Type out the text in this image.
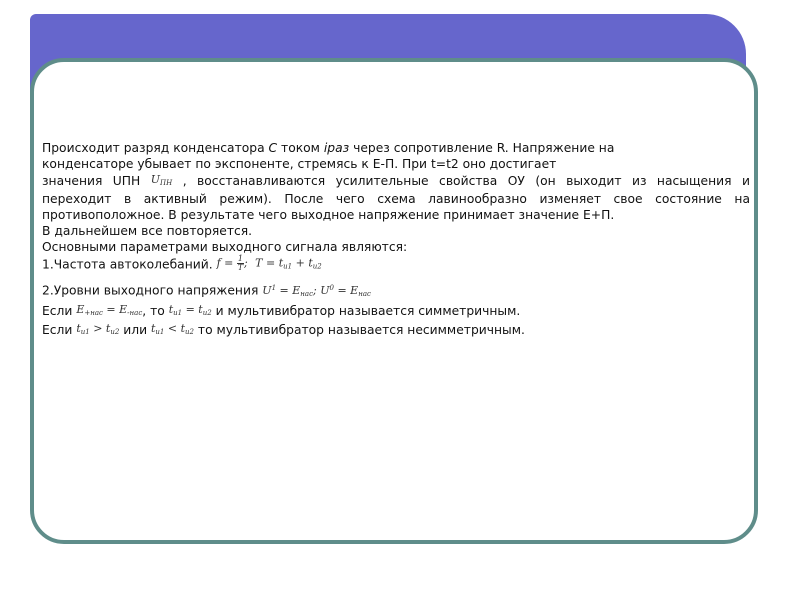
Происходит разряд конденсатора С током iраз через сопротивление R. Напряжение на

конденсаторе убывает по экспоненте, стремясь к Е-П. При t=t2 оно достигает

значения UПН $U_{ПН}$ , восстанавливаются усилительные свойства ОУ (он выходит из насыщения и

переходит в активный режим). После чего схема лавинообразно изменяет свое состояние на

противоположное. В результате чего выходное напряжение принимает значение Е+П.

В дальнейшем все повторяется.

Основными параметрами выходного сигнала являются:

1.Частота автоколебаний. $f = \frac{1}{T}$ ; $T = t_{и1} + t_{и2}$

2.Уровни выходного напряжения $U^1 = E_{нас}$; $U^0 = E_{нас}$

Если $E_{+нас} = E_{-нас}$, то $t_{и1} = t_{и2}$ и мультивибратор называется симметричным.

Если $t_{и1} > t_{и2}$ или $t_{и1} < t_{и2}$ то мультивибратор называется несимметричным.
